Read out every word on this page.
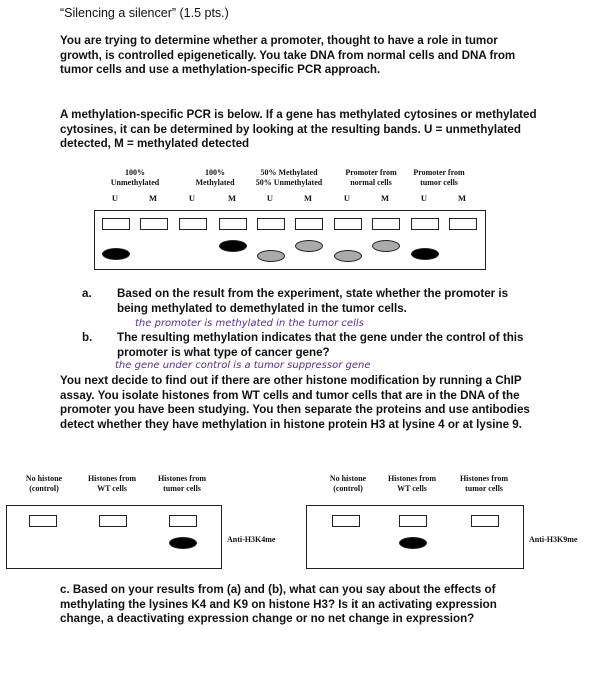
“Silencing a silencer” (1.5 pts.)
You are trying to determine whether a promoter, thought to have a role in tumor growth, is controlled epigenetically. You take DNA from normal cells and DNA from tumor cells and use a methylation-specific PCR approach.
A methylation-specific PCR is below. If a gene has methylated cytosines or methylated cytosines, it can be determined by looking at the resulting bands. U = unmethylated detected, M = methylated detected
100%
Unmethylated
100%
Methylated
50% Methylated
50% Unmethylated
Promoter from
normal cells
Promoter from
tumor cells
U	M	U	M	U	M	U	M	U	M
a. Based on the result from the experiment, state whether the promoter is being methylated to demethylated in the tumor cells.
the promoter is methylated in the tumor cells
b. The resulting methylation indicates that the gene under the control of this promoter is what type of cancer gene?
the gene under control is a tumor suppressor gene
You next decide to find out if there are other histone modification by running a ChIP assay. You isolate histones from WT cells and tumor cells that are in the DNA of the promoter you have been studying. You then separate the proteins and use antibodies detect whether they have methylation in histone protein H3 at lysine 4 or at lysine 9.
No histone
(control)
Histones from
WT cells
Histones from
tumor cells
Anti-H3K4me
No histone
(control)
Histones from
WT cells
Histones from
tumor cells
Anti-H3K9me
c. Based on your results from (a) and (b), what can you say about the effects of methylating the lysines K4 and K9 on histone H3? Is it an activating expression change, a deactivating expression change or no net change in expression?
